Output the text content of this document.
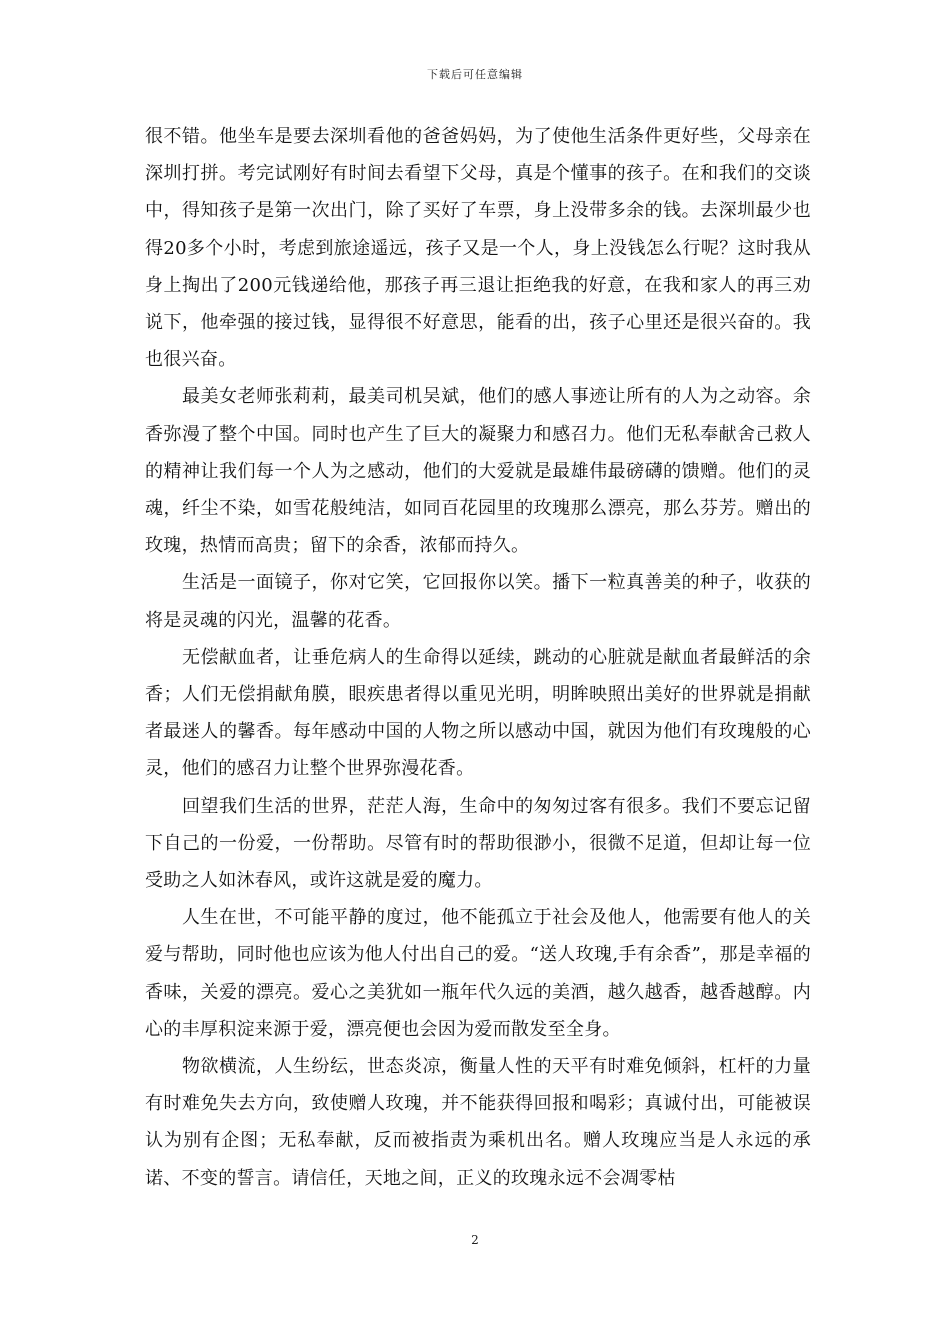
下载后可任意编辑

很不错。他坐车是要去深圳看他的爸爸妈妈，为了使他生活条件更好些，父母亲在深圳打拼。考完试刚好有时间去看望下父母，真是个懂事的孩子。在和我们的交谈中，得知孩子是第一次出门，除了买好了车票，身上没带多余的钱。去深圳最少也得20多个小时，考虑到旅途遥远，孩子又是一个人，身上没钱怎么行呢？这时我从身上掏出了200元钱递给他，那孩子再三退让拒绝我的好意，在我和家人的再三劝说下，他牵强的接过钱，显得很不好意思，能看的出，孩子心里还是很兴奋的。我也很兴奋。

最美女老师张莉莉，最美司机吴斌，他们的感人事迹让所有的人为之动容。余香弥漫了整个中国。同时也产生了巨大的凝聚力和感召力。他们无私奉献舍己救人的精神让我们每一个人为之感动，他们的大爱就是最雄伟最磅礴的馈赠。他们的灵魂，纤尘不染，如雪花般纯洁，如同百花园里的玫瑰那么漂亮，那么芬芳。赠出的玫瑰，热情而高贵；留下的余香，浓郁而持久。

生活是一面镜子，你对它笑，它回报你以笑。播下一粒真善美的种子，收获的将是灵魂的闪光，温馨的花香。

无偿献血者，让垂危病人的生命得以延续，跳动的心脏就是献血者最鲜活的余香；人们无偿捐献角膜，眼疾患者得以重见光明，明眸映照出美好的世界就是捐献者最迷人的馨香。每年感动中国的人物之所以感动中国，就因为他们有玫瑰般的心灵，他们的感召力让整个世界弥漫花香。

回望我们生活的世界，茫茫人海，生命中的匆匆过客有很多。我们不要忘记留下自己的一份爱，一份帮助。尽管有时的帮助很渺小，很微不足道，但却让每一位受助之人如沐春风，或许这就是爱的魔力。

人生在世，不可能平静的度过，他不能孤立于社会及他人，他需要有他人的关爱与帮助，同时他也应该为他人付出自己的爱。“送人玫瑰,手有余香”，那是幸福的香味，关爱的漂亮。爱心之美犹如一瓶年代久远的美酒，越久越香，越香越醇。内心的丰厚积淀来源于爱，漂亮便也会因为爱而散发至全身。

物欲横流，人生纷纭，世态炎凉，衡量人性的天平有时难免倾斜，杠杆的力量有时难免失去方向，致使赠人玫瑰，并不能获得回报和喝彩；真诚付出，可能被误认为别有企图；无私奉献，反而被指责为乘机出名。赠人玫瑰应当是人永远的承诺、不变的誓言。请信任，天地之间，正义的玫瑰永远不会凋零枯

2
